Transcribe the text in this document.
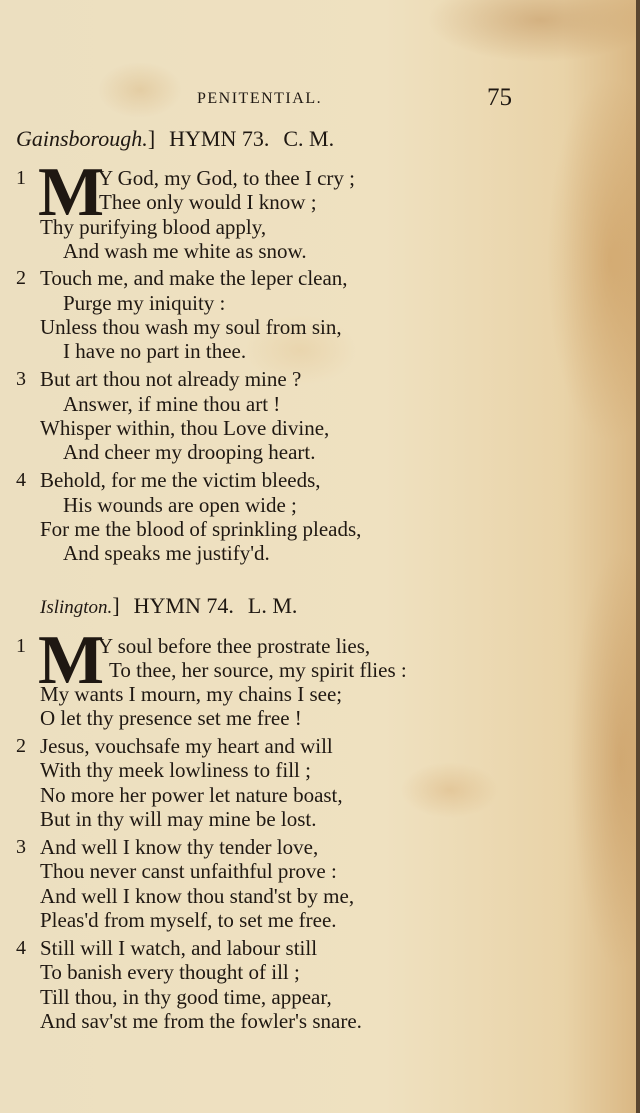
PENITENTIAL.	75
Gainsborough.] HYMN 73. C. M.
1 M
Y God, my God, to thee I cry ;
Thee only would I know ;
Thy purifying blood apply,
And wash me white as snow.
2 Touch me, and make the leper clean,
Purge my iniquity :
Unless thou wash my soul from sin,
I have no part in thee.
3 But art thou not already mine ?
Answer, if mine thou art !
Whisper within, thou Love divine,
And cheer my drooping heart.
4 Behold, for me the victim bleeds,
His wounds are open wide ;
For me the blood of sprinkling pleads,
And speaks me justify'd.
Islington.] HYMN 74. L. M.
1 M
Y soul before thee prostrate lies,
To thee, her source, my spirit flies :
My wants I mourn, my chains I see;
O let thy presence set me free !
2 Jesus, vouchsafe my heart and will
With thy meek lowliness to fill ;
No more her power let nature boast,
But in thy will may mine be lost.
3 And well I know thy tender love,
Thou never canst unfaithful prove :
And well I know thou stand'st by me,
Pleas'd from myself, to set me free.
4 Still will I watch, and labour still
To banish every thought of ill ;
Till thou, in thy good time, appear,
And sav'st me from the fowler's snare.
